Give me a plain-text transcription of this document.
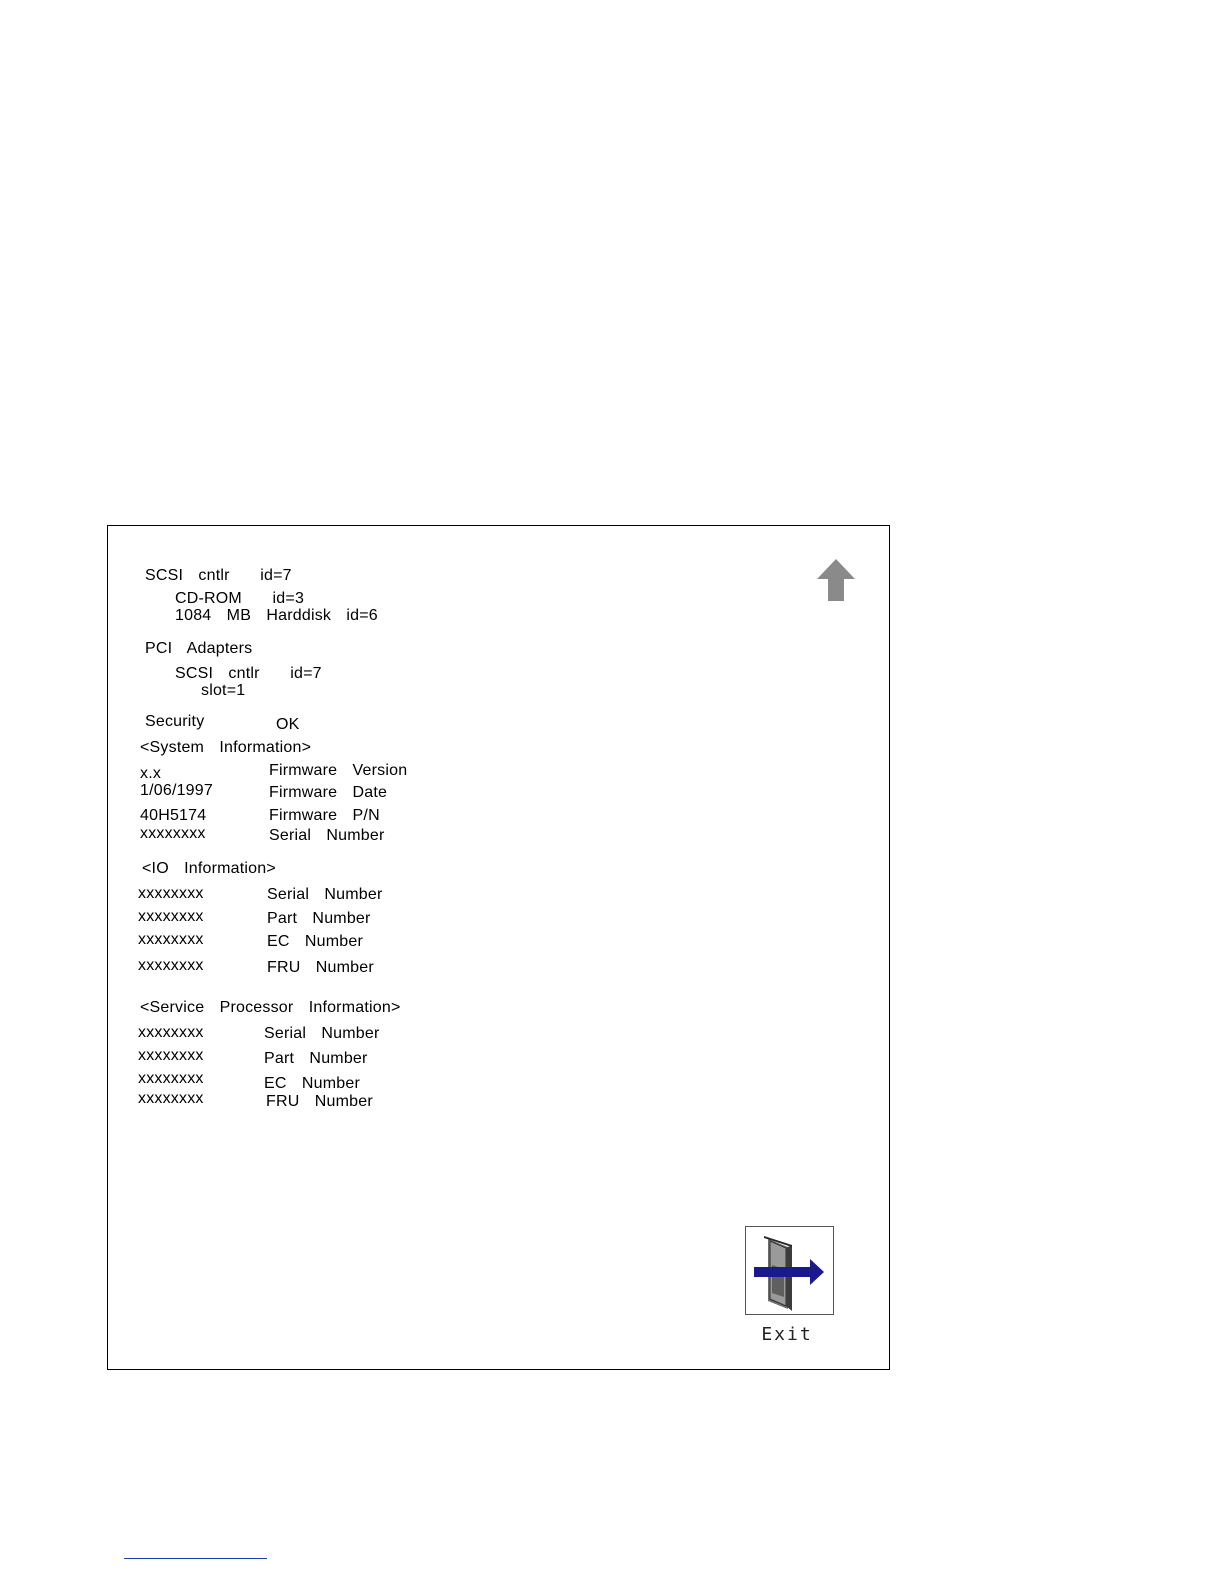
SCSI  cntlr    id=7
CD-ROM    id=3
1084  MB  Harddisk  id=6
PCI  Adapters
SCSI  cntlr    id=7
slot=1
Security	OK
<System  Information>
x.x	Firmware  Version
1/06/1997	Firmware  Date
40H5174	Firmware  P/N
xxxxxxxx	Serial  Number
<IO  Information>
xxxxxxxx	Serial  Number
xxxxxxxx	Part  Number
xxxxxxxx	EC  Number
xxxxxxxx	FRU  Number
<Service  Processor  Information>
xxxxxxxx	Serial  Number
xxxxxxxx	Part  Number
xxxxxxxx	EC  Number
xxxxxxxx	FRU  Number
Exit
